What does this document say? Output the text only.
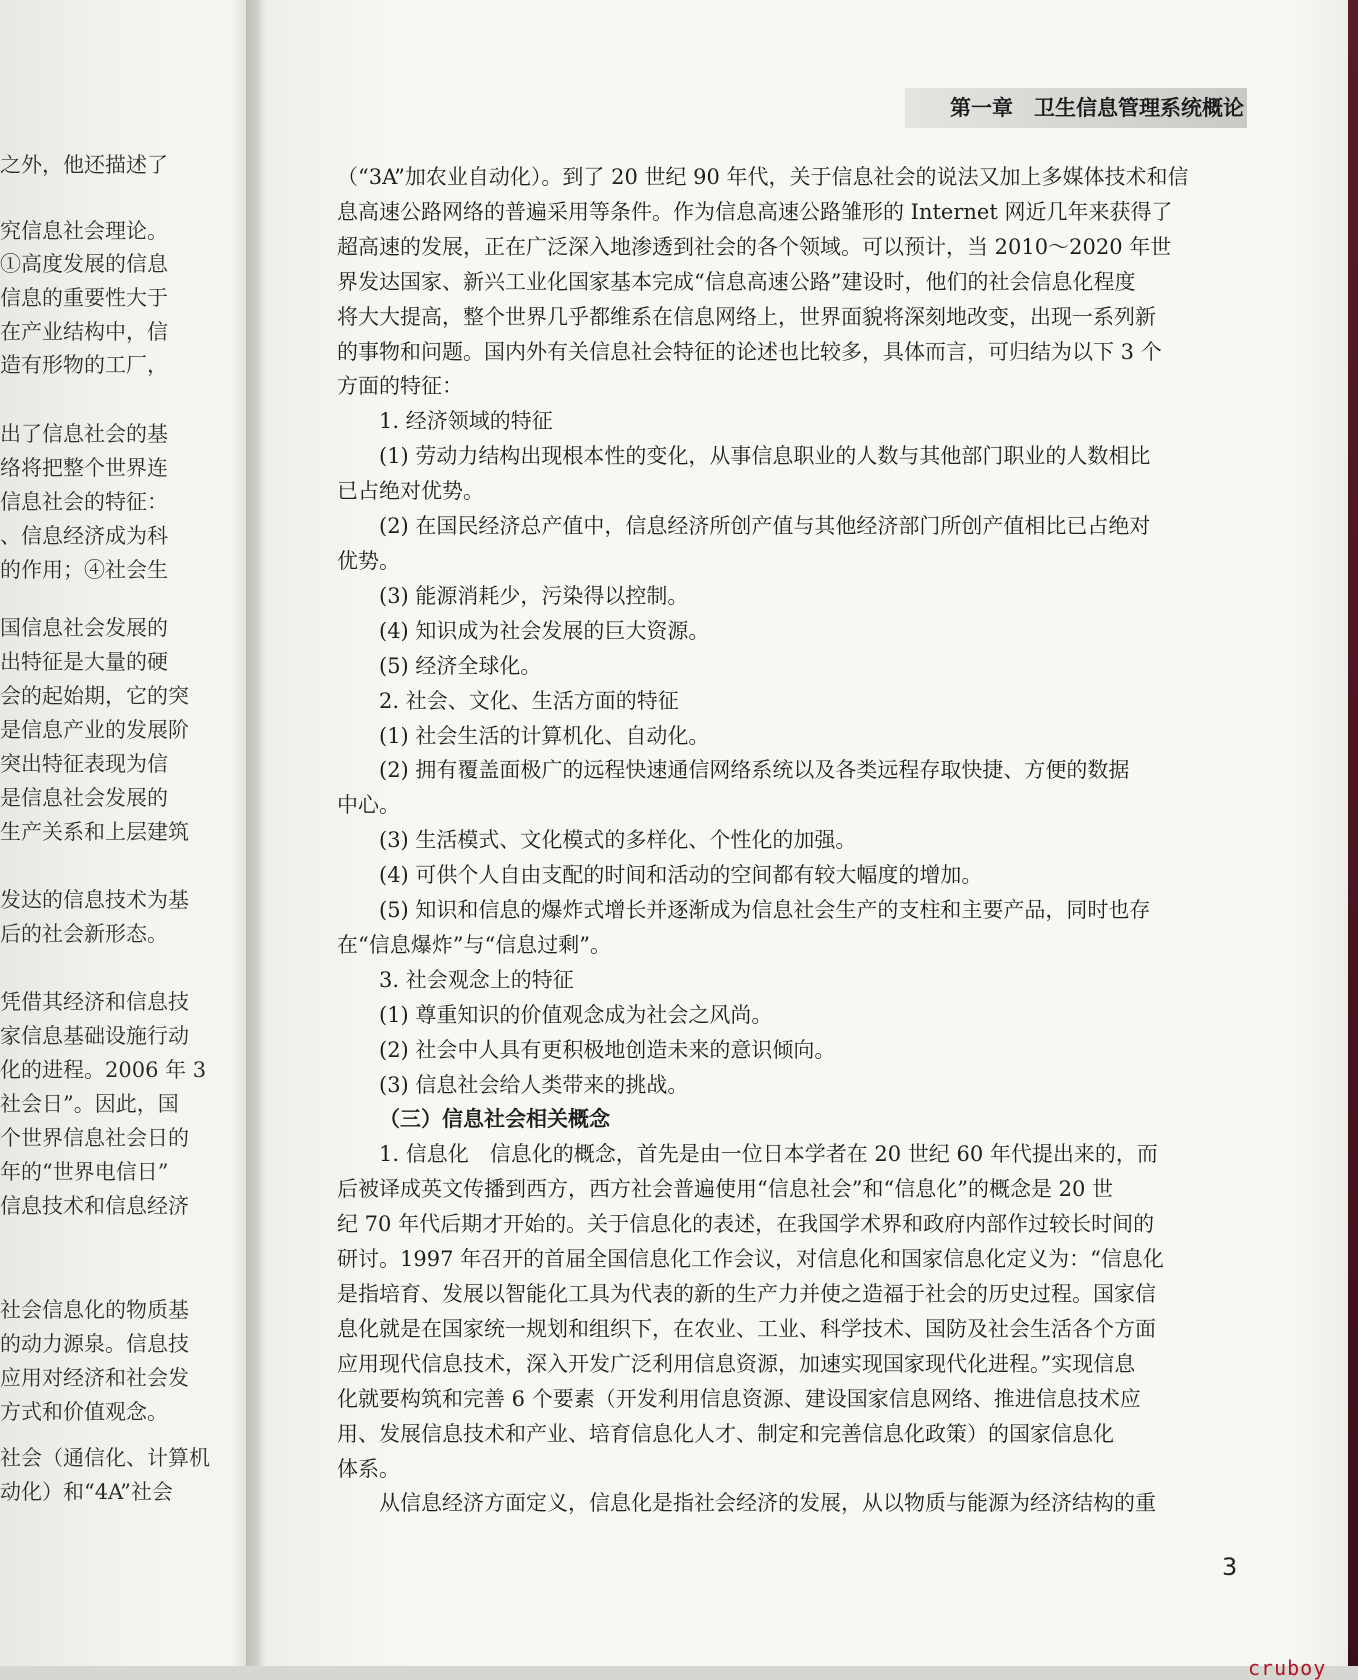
之外，他还描述了
究信息社会理论。
①高度发展的信息
信息的重要性大于
在产业结构中，信
造有形物的工厂，
出了信息社会的基
络将把整个世界连
信息社会的特征：
、信息经济成为科
的作用；④社会生
国信息社会发展的
出特征是大量的硬
会的起始期，它的突
是信息产业的发展阶
突出特征表现为信
是信息社会发展的
生产关系和上层建筑
发达的信息技术为基
后的社会新形态。
凭借其经济和信息技
家信息基础设施行动
化的进程。2006 年 3
社会日”。因此，国
个世界信息社会日的
年的“世界电信日”
信息技术和信息经济
社会信息化的物质基
的动力源泉。信息技
应用对经济和社会发
方式和价值观念。
社会（通信化、计算机
动化）和“4A”社会
第一章　卫生信息管理系统概论

（“3A”加农业自动化）。到了 20 世纪 90 年代，关于信息社会的说法又加上多媒体技术和信

息高速公路网络的普遍采用等条件。作为信息高速公路雏形的 Internet 网近几年来获得了

超高速的发展，正在广泛深入地渗透到社会的各个领域。可以预计，当 2010～2020 年世

界发达国家、新兴工业化国家基本完成“信息高速公路”建设时，他们的社会信息化程度

将大大提高，整个世界几乎都维系在信息网络上，世界面貌将深刻地改变，出现一系列新

的事物和问题。国内外有关信息社会特征的论述也比较多，具体而言，可归结为以下 3 个

方面的特征：

1. 经济领域的特征

(1) 劳动力结构出现根本性的变化，从事信息职业的人数与其他部门职业的人数相比

已占绝对优势。

(2) 在国民经济总产值中，信息经济所创产值与其他经济部门所创产值相比已占绝对

优势。

(3) 能源消耗少，污染得以控制。

(4) 知识成为社会发展的巨大资源。

(5) 经济全球化。

2. 社会、文化、生活方面的特征

(1) 社会生活的计算机化、自动化。

(2) 拥有覆盖面极广的远程快速通信网络系统以及各类远程存取快捷、方便的数据

中心。

(3) 生活模式、文化模式的多样化、个性化的加强。

(4) 可供个人自由支配的时间和活动的空间都有较大幅度的增加。

(5) 知识和信息的爆炸式增长并逐渐成为信息社会生产的支柱和主要产品，同时也存

在“信息爆炸”与“信息过剩”。

3. 社会观念上的特征

(1) 尊重知识的价值观念成为社会之风尚。

(2) 社会中人具有更积极地创造未来的意识倾向。

(3) 信息社会给人类带来的挑战。

（三）信息社会相关概念

1. 信息化　信息化的概念，首先是由一位日本学者在 20 世纪 60 年代提出来的，而

后被译成英文传播到西方，西方社会普遍使用“信息社会”和“信息化”的概念是 20 世

纪 70 年代后期才开始的。关于信息化的表述，在我国学术界和政府内部作过较长时间的

研讨。1997 年召开的首届全国信息化工作会议，对信息化和国家信息化定义为：“信息化

是指培育、发展以智能化工具为代表的新的生产力并使之造福于社会的历史过程。国家信

息化就是在国家统一规划和组织下，在农业、工业、科学技术、国防及社会生活各个方面

应用现代信息技术，深入开发广泛利用信息资源，加速实现国家现代化进程。”实现信息

化就要构筑和完善 6 个要素（开发利用信息资源、建设国家信息网络、推进信息技术应

用、发展信息技术和产业、培育信息化人才、制定和完善信息化政策）的国家信息化

体系。

从信息经济方面定义，信息化是指社会经济的发展，从以物质与能源为经济结构的重

3
cruboy
